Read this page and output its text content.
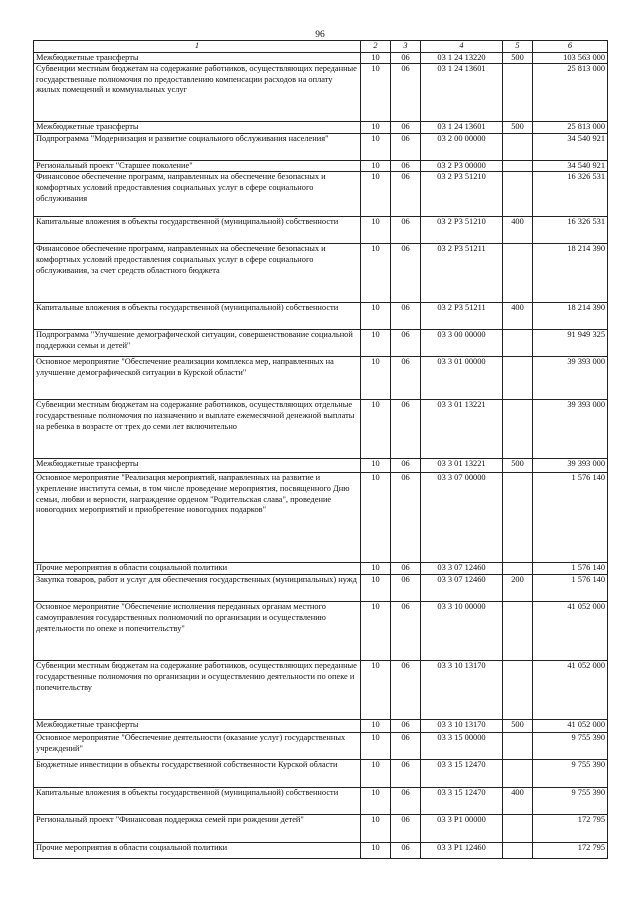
96
1	2	3	4	5	6
Межбюджетные трансферты	10	06	03 1 24 13220	500	103 563 000
Субвенции местным бюджетам на содержание работников, осуществляющих переданные государственные полномочия по предоставлению компенсации расходов на оплату жилых помещений и коммунальных услуг	10	06	03 1 24 13601		25 813 000
Межбюджетные трансферты	10	06	03 1 24 13601	500	25 813 000
Подпрограмма "Модернизация и развитие социального обслуживания населения"	10	06	03 2 00 00000		34 540 921
Региональный проект "Старшее поколение"	10	06	03 2 P3 00000		34 540 921
Финансовое обеспечение программ, направленных на обеспечение безопасных и комфортных условий предоставления социальных услуг в сфере социального обслуживания	10	06	03 2 P3 51210		16 326 531
Капитальные вложения в объекты государственной (муниципальной) собственности	10	06	03 2 P3 51210	400	16 326 531
Финансовое обеспечение программ, направленных на обеспечение безопасных и комфортных условий предоставления социальных услуг в сфере социального обслуживания, за счет средств областного бюджета	10	06	03 2 P3 51211		18 214 390
Капитальные вложения в объекты государственной (муниципальной) собственности	10	06	03 2 P3 51211	400	18 214 390
Подпрограмма "Улучшение демографической ситуации, совершенствование социальной поддержки семьи и детей"	10	06	03 3 00 00000		91 949 325
Основное мероприятие "Обеспечение реализации комплекса мер, направленных на улучшение демографической ситуации в Курской области"	10	06	03 3 01 00000		39 393 000
Субвенции местным бюджетам на содержание работников, осуществляющих отдельные государственные полномочия по назначению и выплате ежемесячной денежной выплаты на ребенка в возрасте от трех до семи лет включительно	10	06	03 3 01 13221		39 393 000
Межбюджетные трансферты	10	06	03 3 01 13221	500	39 393 000
Основное мероприятие "Реализация мероприятий, направленных на развитие и укрепление института семьи, в том числе проведение мероприятия, посвященного Дню семьи, любви и верности, награждение орденом "Родительская слава", проведение новогодних мероприятий и приобретение новогодних подарков"	10	06	03 3 07 00000		1 576 140
Прочие мероприятия в области социальной политики	10	06	03 3 07 12460		1 576 140
Закупка товаров, работ и услуг для обеспечения государственных (муниципальных) нужд	10	06	03 3 07 12460	200	1 576 140
Основное мероприятие "Обеспечение исполнения переданных органам местного самоуправления государственных полномочий по организации и осуществлению деятельности по опеке и попечительству"	10	06	03 3 10 00000		41 052 000
Субвенции местным бюджетам на содержание работников, осуществляющих переданные государственные полномочия по организации и осуществлению деятельности по опеке и попечительству	10	06	03 3 10 13170		41 052 000
Межбюджетные трансферты	10	06	03 3 10 13170	500	41 052 000
Основное мероприятие "Обеспечение деятельности (оказание услуг) государственных учреждений"	10	06	03 3 15 00000		9 755 390
Бюджетные инвестиции в объекты государственной собственности Курской области	10	06	03 3 15 12470		9 755 390
Капитальные вложения в объекты государственной (муниципальной) собственности	10	06	03 3 15 12470	400	9 755 390
Региональный проект "Финансовая поддержка семей при рождении детей"	10	06	03 3 P1 00000		172 795
Прочие мероприятия в области социальной политики	10	06	03 3 P1 12460		172 795
